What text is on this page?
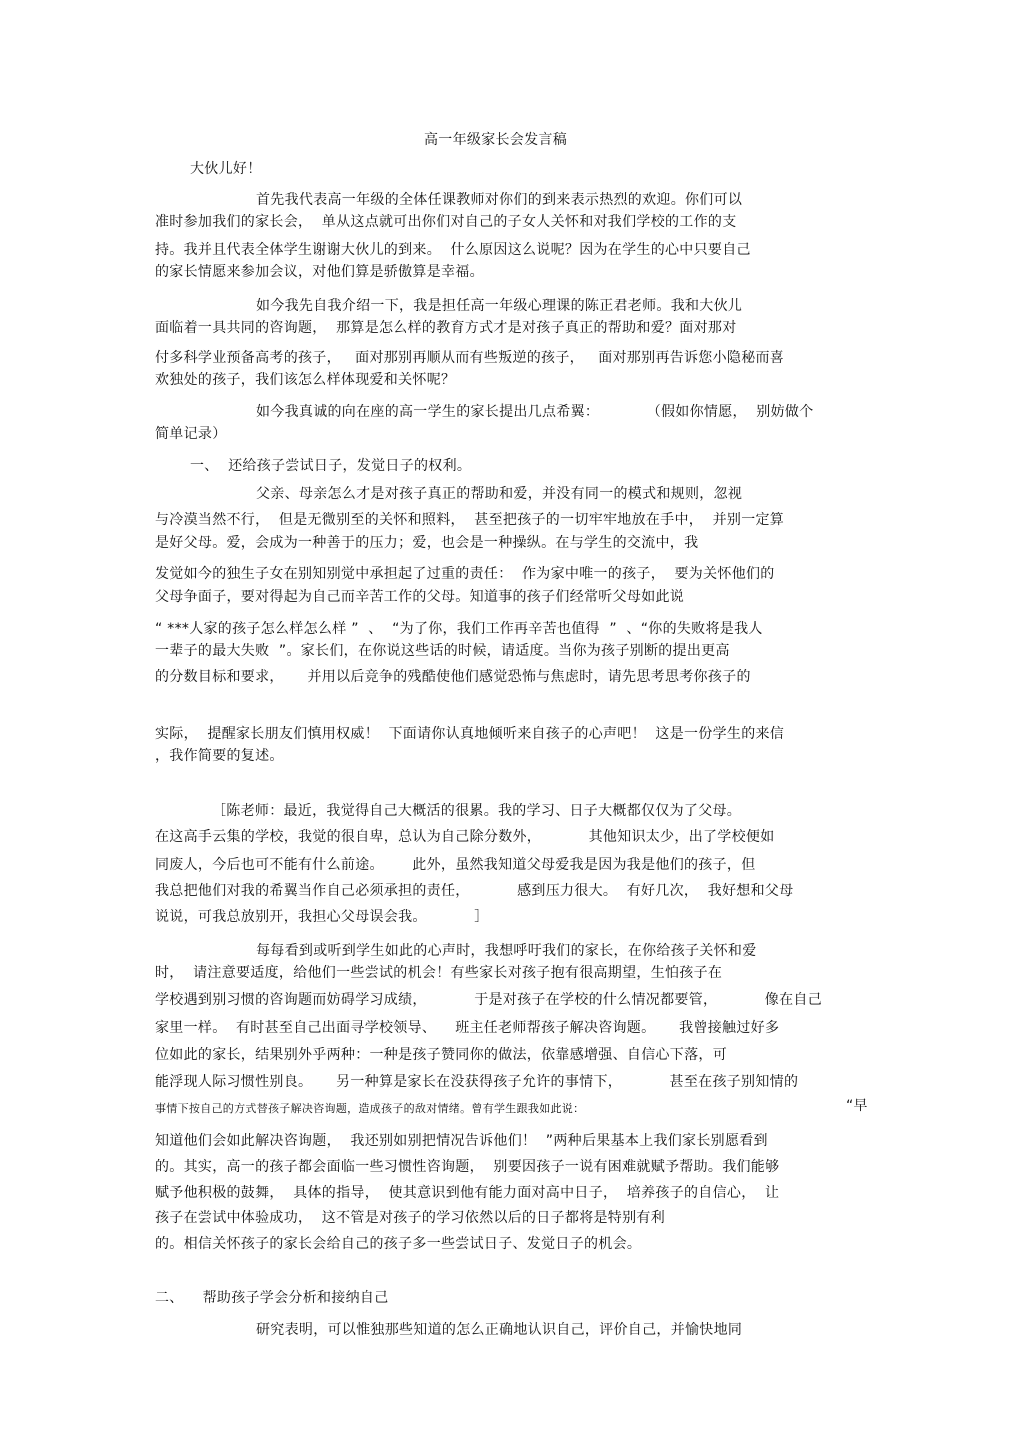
高一年级家长会发言稿
大伙儿好！
首先我代表高一年级的全体任课教师对你们的到来表示热烈的欢迎。你们可以
准时参加我们的家长会，  单从这点就可出你们对自己的子女人关怀和对我们学校的工作的支
持。我并且代表全体学生谢谢大伙儿的到来。  什么原因这么说呢？因为在学生的心中只要自己
的家长情愿来参加会议，对他们算是骄傲算是幸福。
如今我先自我介绍一下，我是担任高一年级心理课的陈正君老师。我和大伙儿
面临着一具共同的咨询题，  那算是怎么样的教育方式才是对孩子真正的帮助和爱？面对那对
付多科学业预备高考的孩子，   面对那别再顺从而有些叛逆的孩子，   面对那别再告诉您小隐秘而喜
欢独处的孩子，我们该怎么样体现爱和关怀呢？
如今我真诚的向在座的高一学生的家长提出几点希翼：          （假如你情愿，  别妨做个
简单记录）
一、  还给孩子尝试日子，发觉日子的权利。
父亲、母亲怎么才是对孩子真正的帮助和爱，并没有同一的模式和规则，忽视
与冷漠当然不行，  但是无微别至的关怀和照料，  甚至把孩子的一切牢牢地放在手中，  并别一定算
是好父母。爱，会成为一种善于的压力；爱，也会是一种操纵。在与学生的交流中，我
发觉如今的独生子女在别知别觉中承担起了过重的责任：  作为家中唯一的孩子，  要为关怀他们的
父母争面子，要对得起为自己而辛苦工作的父母。知道事的孩子们经常听父母如此说
“ ***人家的孩子怎么样怎么样 ”  、  “为了你，我们工作再辛苦也值得  ”  、“你的失败将是我人
一辈子的最大失败  ”。家长们，在你说这些话的时候，请适度。当你为孩子别断的提出更高
的分数目标和要求，     并用以后竞争的残酷使他们感觉恐怖与焦虑时，请先思考思考你孩子的
实际，  提醒家长朋友们慎用权威！  下面请你认真地倾听来自孩子的心声吧！  这是一份学生的来信
，我作简要的复述。
［陈老师：最近，我觉得自己大概活的很累。我的学习、日子大概都仅仅为了父母。
在这高手云集的学校，我觉的很自卑，总认为自己除分数外，          其他知识太少，出了学校便如
同废人，今后也可不能有什么前途。      此外，虽然我知道父母爱我是因为我是他们的孩子，但
我总把他们对我的希翼当作自己必须承担的责任，          感到压力很大。  有好几次，  我好想和父母
说说，可我总放别开，我担心父母误会我。          ］
每每看到或听到学生如此的心声时，我想呼吁我们的家长，在你给孩子关怀和爱
时，  请注意要适度，给他们一些尝试的机会！有些家长对孩子抱有很高期望，生怕孩子在
学校遇到别习惯的咨询题而妨碍学习成绩，          于是对孩子在学校的什么情况都要管，          像在自己
家里一样。  有时甚至自己出面寻学校领导、    班主任老师帮孩子解决咨询题。     我曾接触过好多
位如此的家长，结果别外乎两种：一种是孩子赞同你的做法，依靠感增强、自信心下落，可
能浮现人际习惯性别良。     另一种算是家长在没获得孩子允许的事情下，          甚至在孩子别知情的
事情下按自己的方式替孩子解决咨询题，造成孩子的敌对情绪。曾有学生跟我如此说：	“早
知道他们会如此解决咨询题，  我还别如别把情况告诉他们！  ”两种后果基本上我们家长别愿看到
的。其实，高一的孩子都会面临一些习惯性咨询题，  别要因孩子一说有困难就赋予帮助。我们能够
赋予他积极的鼓舞，  具体的指导，  使其意识到他有能力面对高中日子，  培养孩子的自信心，  让
孩子在尝试中体验成功，  这不管是对孩子的学习依然以后的日子都将是特别有利
的。相信关怀孩子的家长会给自己的孩子多一些尝试日子、发觉日子的机会。
二、    帮助孩子学会分析和接纳自己
研究表明，可以惟独那些知道的怎么正确地认识自己，评价自己，并愉快地同
